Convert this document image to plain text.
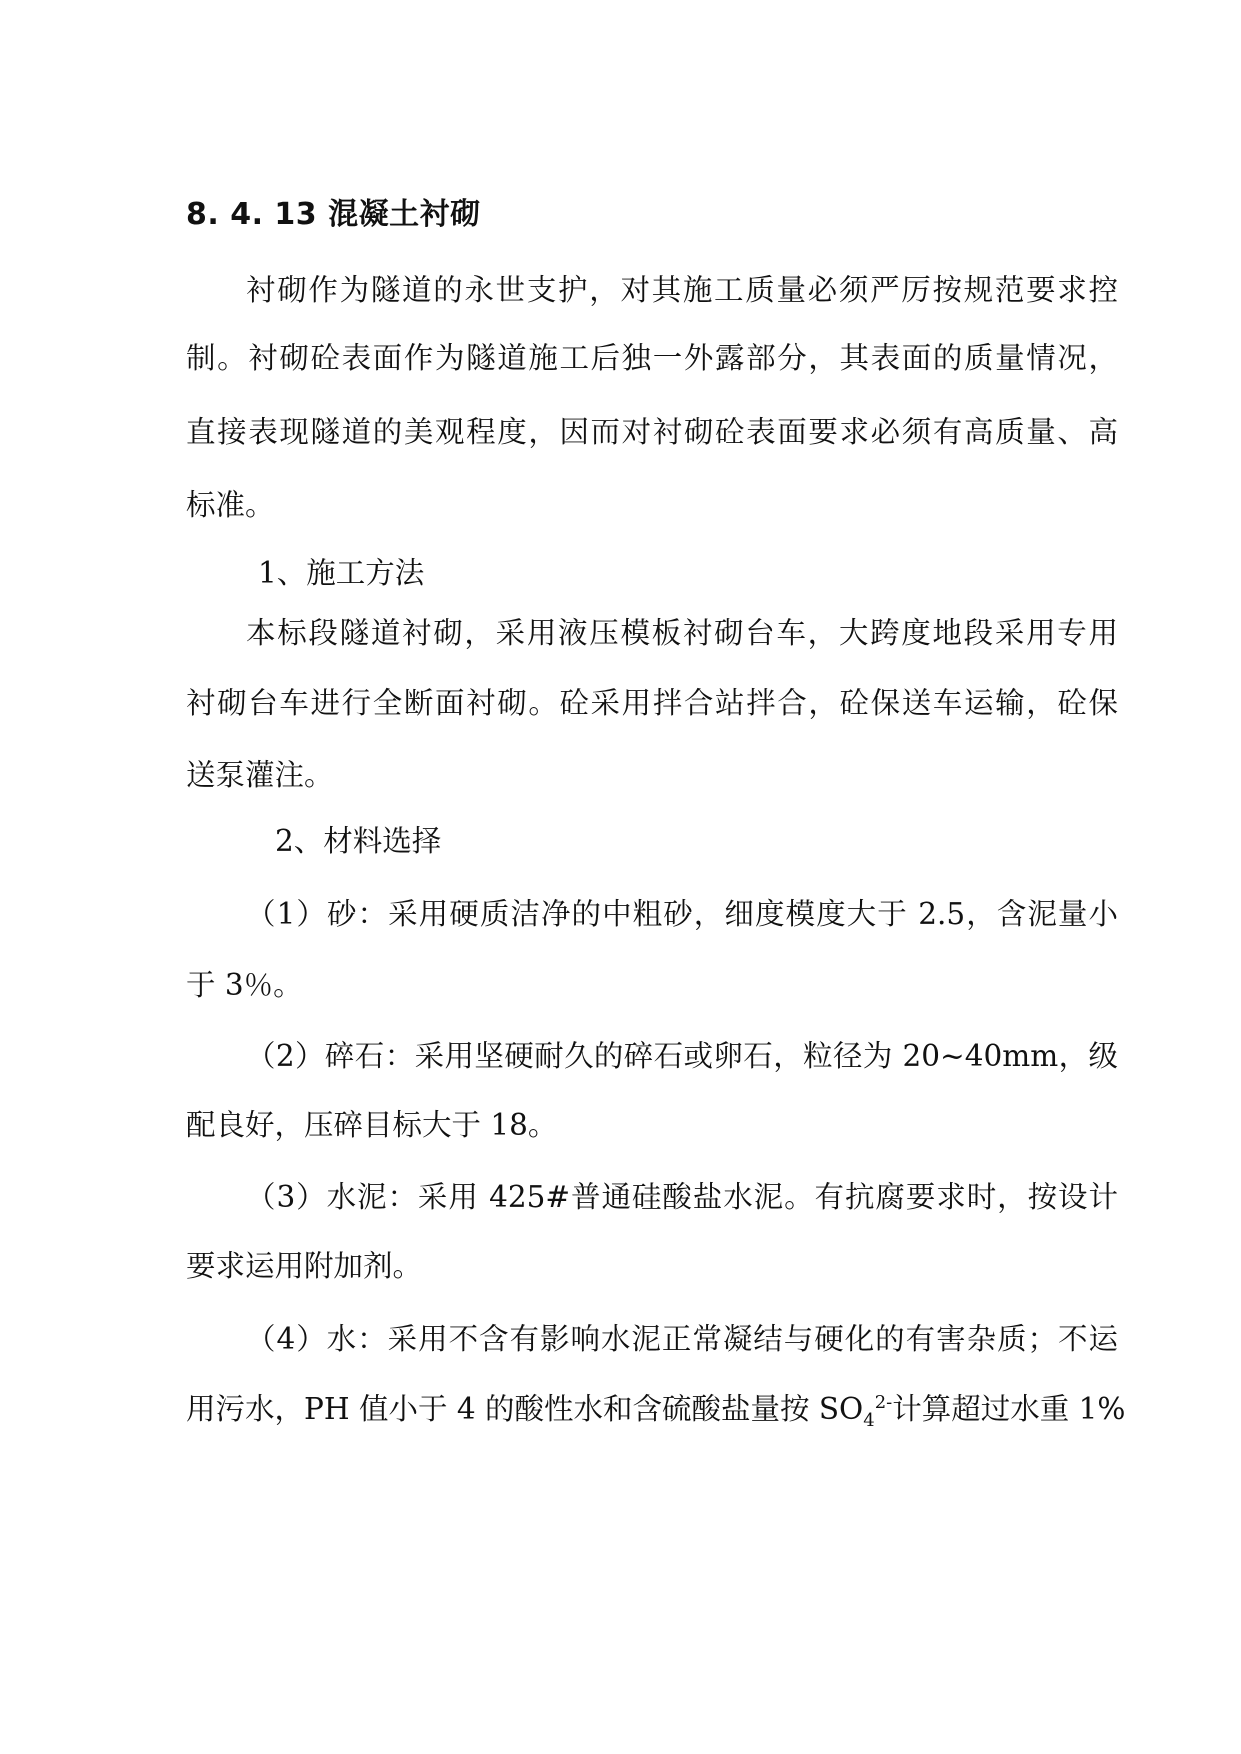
8. 4. 13 混凝土衬砌
衬砌作为隧道的永世支护，对其施工质量必须严厉按规范要求控
制。衬砌砼表面作为隧道施工后独一外露部分，其表面的质量情况，
直接表现隧道的美观程度，因而对衬砌砼表面要求必须有高质量、高
标准。
1、施工方法
本标段隧道衬砌，采用液压模板衬砌台车，大跨度地段采用专用
衬砌台车进行全断面衬砌。砼采用拌合站拌合，砼保送车运输，砼保
送泵灌注。
2、材料选择
（1）砂：采用硬质洁净的中粗砂，细度模度大于 2.5，含泥量小
于 3％。
（2）碎石：采用坚硬耐久的碎石或卵石，粒径为 20~40mm，级
配良好，压碎目标大于 18。
（3）水泥：采用 425#普通硅酸盐水泥。有抗腐要求时，按设计
要求运用附加剂。
（4）水：采用不含有影响水泥正常凝结与硬化的有害杂质；不运
用污水，PH 值小于 4 的酸性水和含硫酸盐量按 $SO_4^{2-}$计算超过水重 1%
